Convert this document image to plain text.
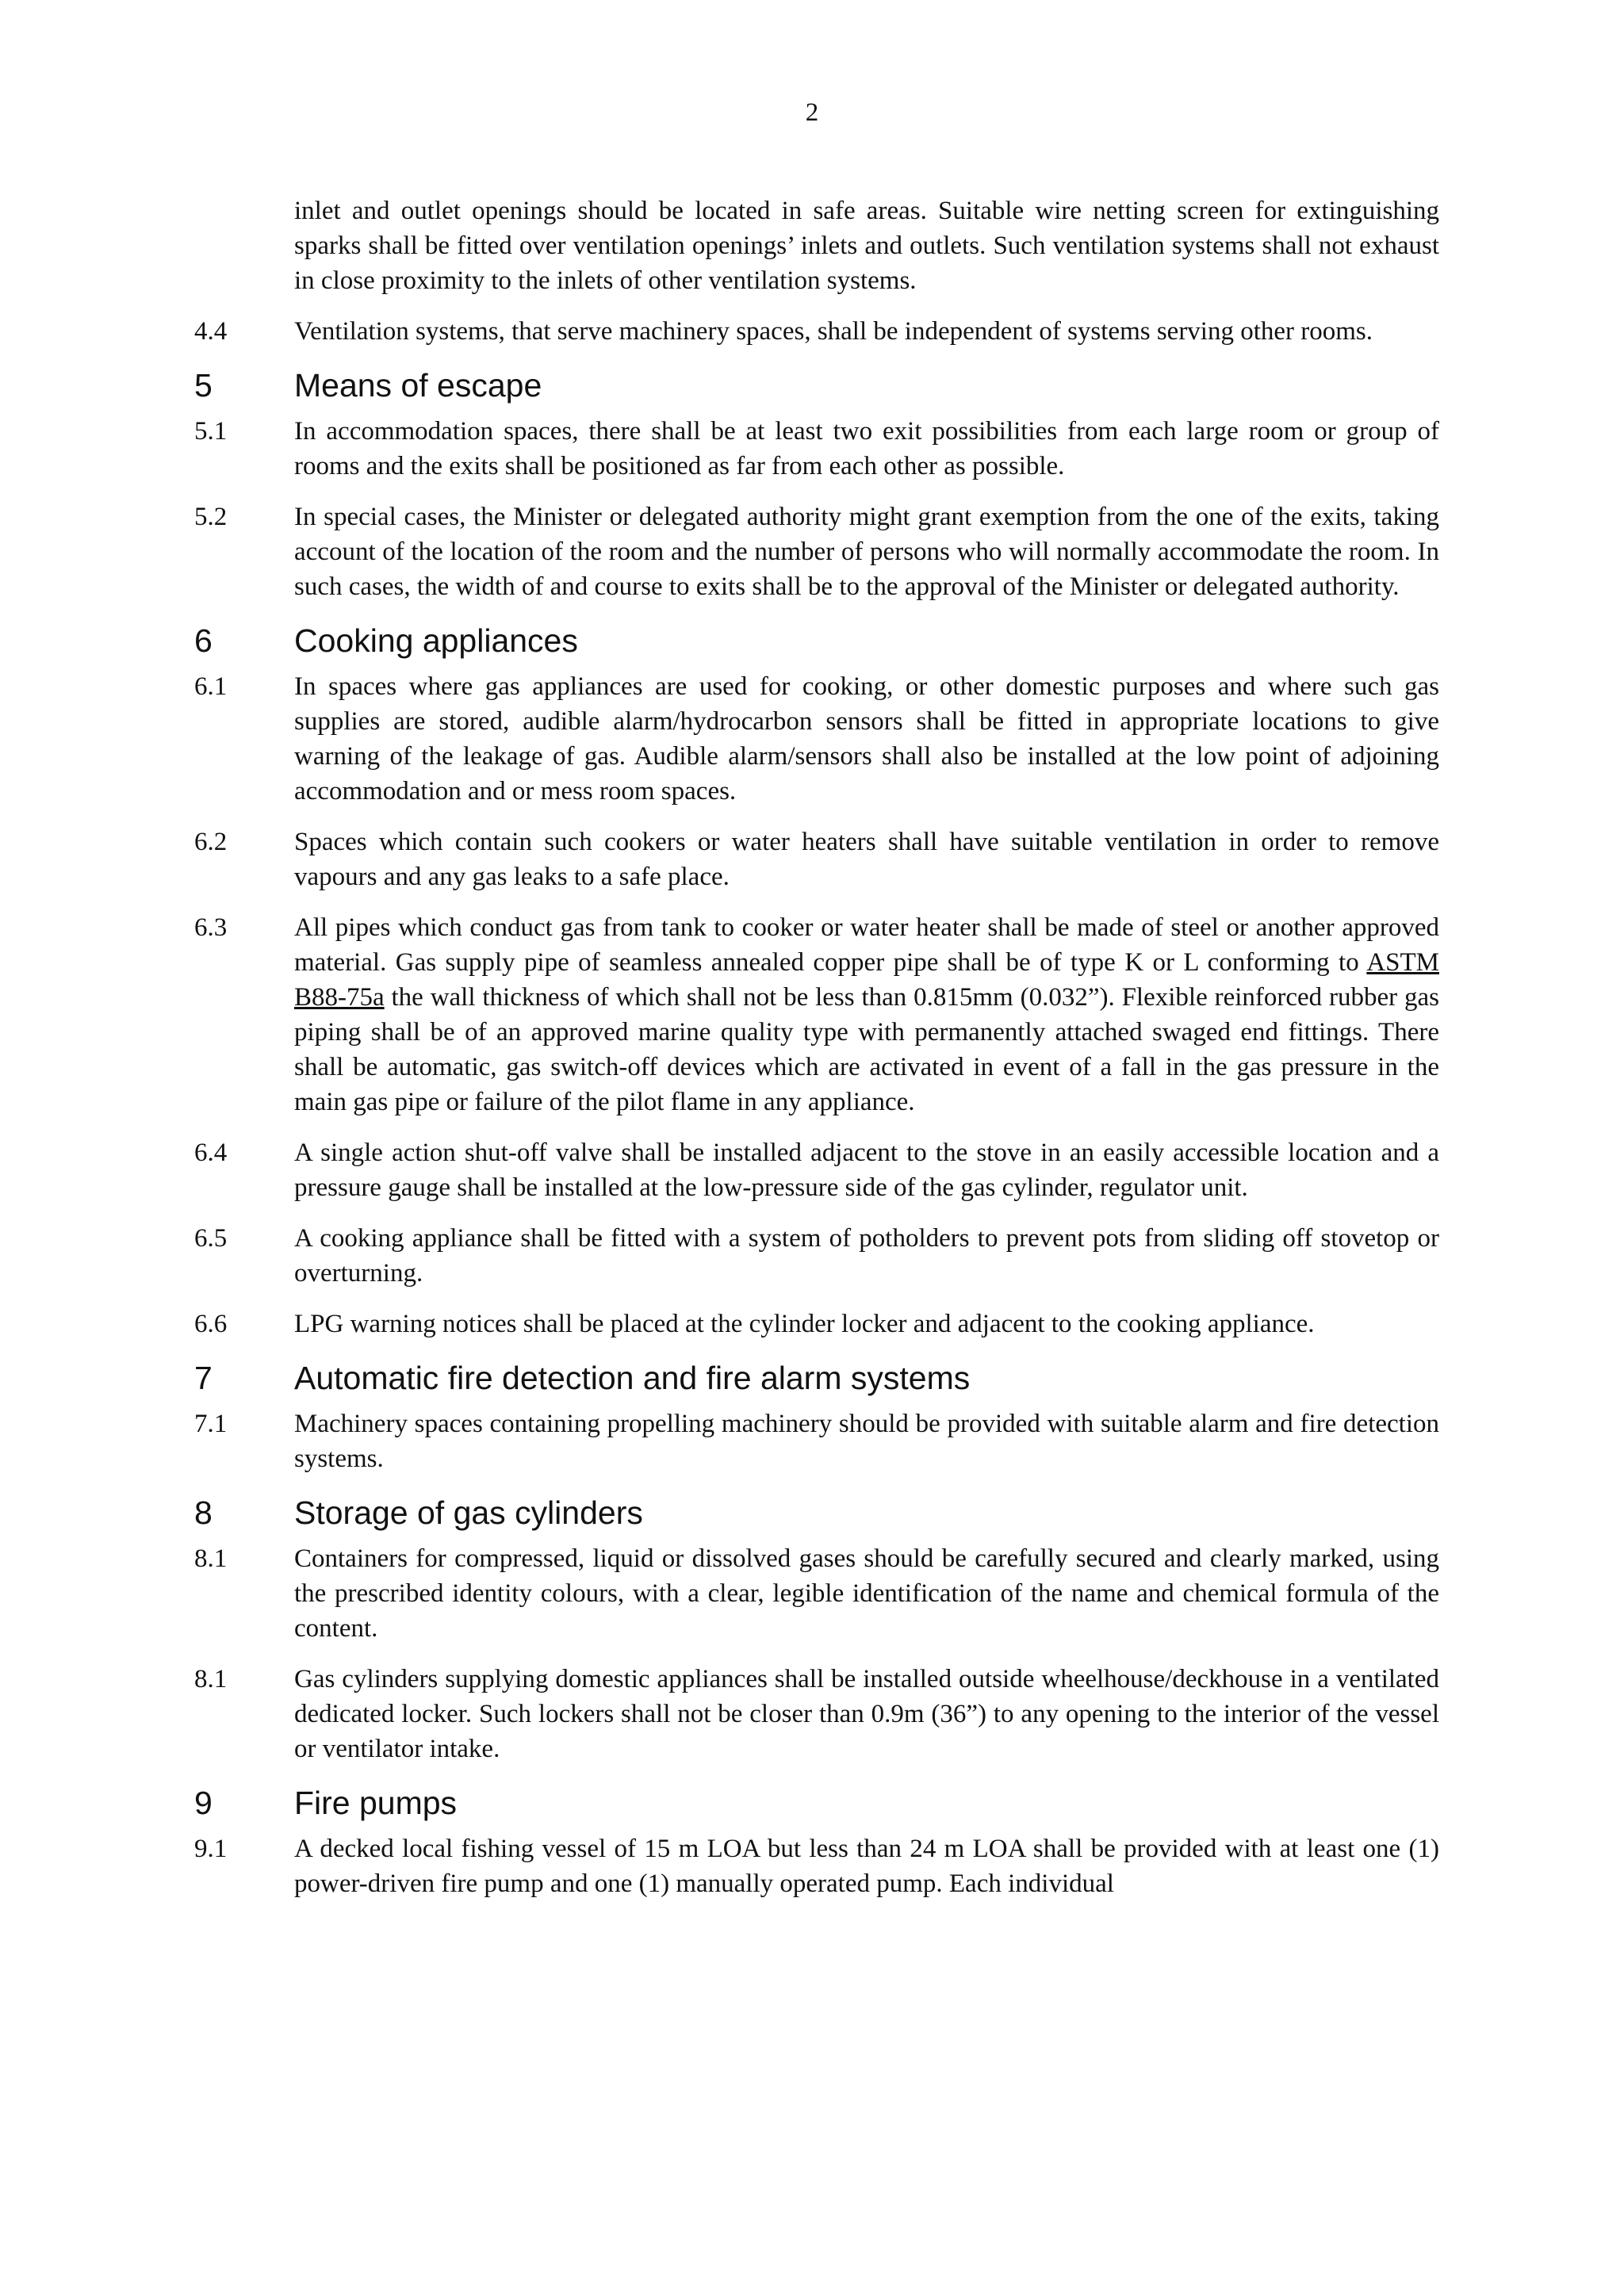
2
inlet and outlet openings should be located in safe areas. Suitable wire netting screen for extinguishing sparks shall be fitted over ventilation openings’ inlets and outlets. Such ventilation systems shall not exhaust in close proximity to the inlets of other ventilation systems.
4.4	Ventilation systems, that serve machinery spaces, shall be independent of systems serving other rooms.
5	Means of escape
5.1	In accommodation spaces, there shall be at least two exit possibilities from each large room or group of rooms and the exits shall be positioned as far from each other as possible.
5.2	In special cases, the Minister or delegated authority might grant exemption from the one of the exits, taking account of the location of the room and the number of persons who will normally accommodate the room. In such cases, the width of and course to exits shall be to the approval of the Minister or delegated authority.
6	Cooking appliances
6.1	In spaces where gas appliances are used for cooking, or other domestic purposes and where such gas supplies are stored, audible alarm/hydrocarbon sensors shall be fitted in appropriate locations to give warning of the leakage of gas. Audible alarm/sensors shall also be installed at the low point of adjoining accommodation and or mess room spaces.
6.2	Spaces which contain such cookers or water heaters shall have suitable ventilation in order to remove vapours and any gas leaks to a safe place.
6.3	All pipes which conduct gas from tank to cooker or water heater shall be made of steel or another approved material. Gas supply pipe of seamless annealed copper pipe shall be of type K or L conforming to ASTM B88-75a the wall thickness of which shall not be less than 0.815mm (0.032”). Flexible reinforced rubber gas piping shall be of an approved marine quality type with permanently attached swaged end fittings. There shall be automatic, gas switch-off devices which are activated in event of a fall in the gas pressure in the main gas pipe or failure of the pilot flame in any appliance.
6.4	A single action shut-off valve shall be installed adjacent to the stove in an easily accessible location and a pressure gauge shall be installed at the low-pressure side of the gas cylinder, regulator unit.
6.5	A cooking appliance shall be fitted with a system of potholders to prevent pots from sliding off stovetop or overturning.
6.6	LPG warning notices shall be placed at the cylinder locker and adjacent to the cooking appliance.
7	Automatic fire detection and fire alarm systems
7.1	Machinery spaces containing propelling machinery should be provided with suitable alarm and fire detection systems.
8	Storage of gas cylinders
8.1	Containers for compressed, liquid or dissolved gases should be carefully secured and clearly marked, using the prescribed identity colours, with a clear, legible identification of the name and chemical formula of the content.
8.1	Gas cylinders supplying domestic appliances shall be installed outside wheelhouse/deckhouse in a ventilated dedicated locker. Such lockers shall not be closer than 0.9m (36”) to any opening to the interior of the vessel or ventilator intake.
9	Fire pumps
9.1	A decked local fishing vessel of 15 m LOA but less than 24 m LOA shall be provided with at least one (1) power-driven fire pump and one (1) manually operated pump. Each individual
